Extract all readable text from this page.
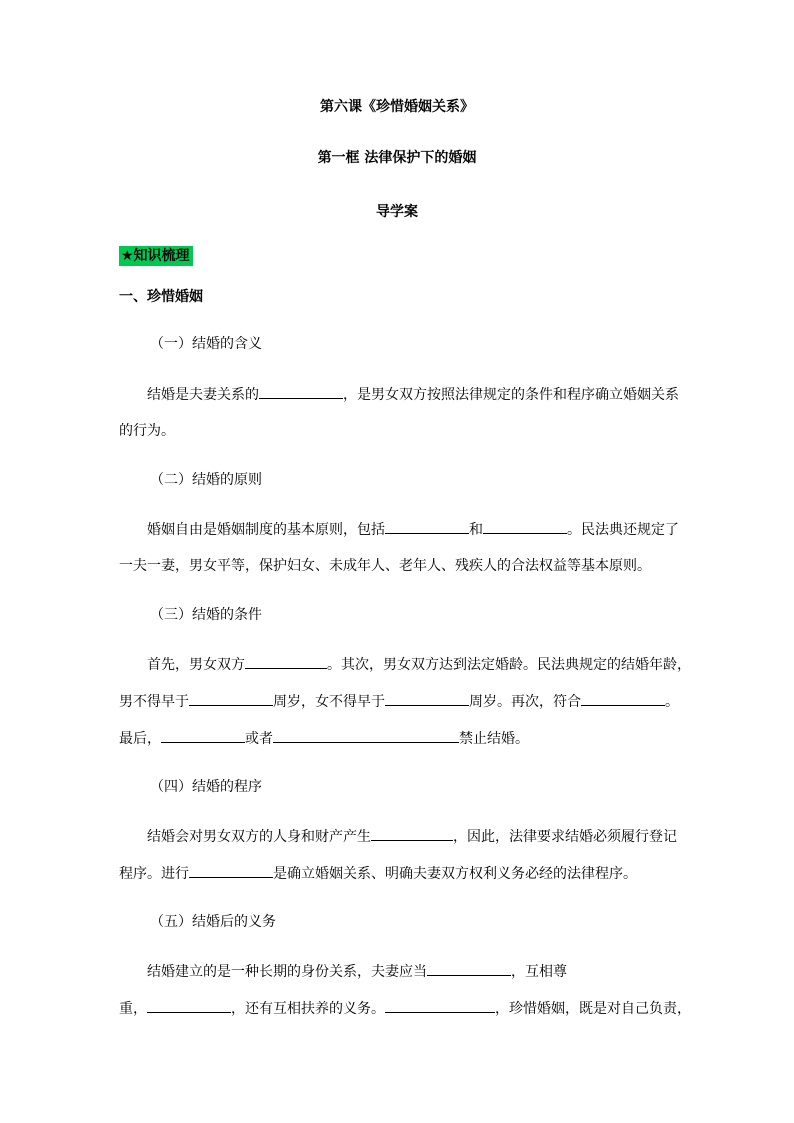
第六课《珍惜婚姻关系》
第一框 法律保护下的婚姻
导学案
★知识梳理
一、珍惜婚姻
（一）结婚的含义
结婚是夫妻关系的	，是男女双方按照法律规定的条件和程序确立婚姻关系
的行为。
（二）结婚的原则
婚姻自由是婚姻制度的基本原则，包括	和	。民法典还规定了
一夫一妻，男女平等，保护妇女、未成年人、老年人、残疾人的合法权益等基本原则。
（三）结婚的条件
首先，男女双方	。其次，男女双方达到法定婚龄。民法典规定的结婚年龄，
男不得早于	周岁，女不得早于	周岁。再次，符合	。
最后，	或者	禁止结婚。
（四）结婚的程序
结婚会对男女双方的人身和财产产生	，因此，法律要求结婚必须履行登记
程序。进行	是确立婚姻关系、明确夫妻双方权利义务必经的法律程序。
（五）结婚后的义务
结婚建立的是一种长期的身份关系，夫妻应当	，互相尊
重，	，还有互相扶养的义务。	，珍惜婚姻，既是对自己负责，
